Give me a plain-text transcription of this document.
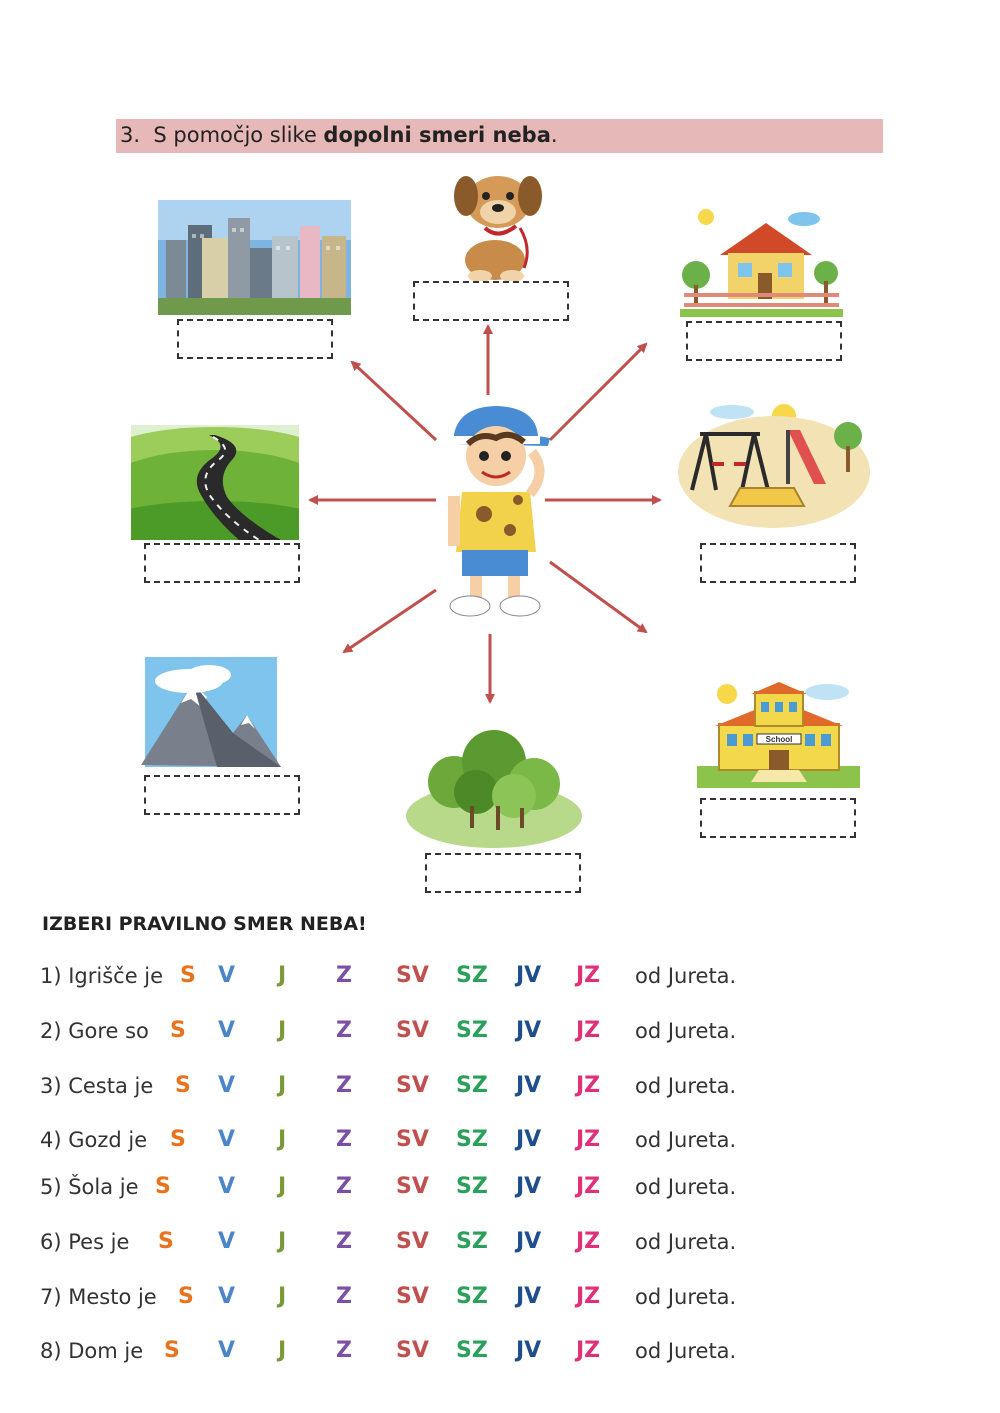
3. S pomočjo slike dopolni smeri neba.
School
IZBERI PRAVILNO SMER NEBA!
1) Igrišče je S V J Z SV SZ JV JZ od Jureta.
2) Gore so S V J Z SV SZ JV JZ od Jureta.
3) Cesta je S V J Z SV SZ JV JZ od Jureta.
4) Gozd je S V J Z SV SZ JV JZ od Jureta.
5) Šola je S V J Z SV SZ JV JZ od Jureta.
6) Pes je S V J Z SV SZ JV JZ od Jureta.
7) Mesto je S V J Z SV SZ JV JZ od Jureta.
8) Dom je S V J Z SV SZ JV JZ od Jureta.
